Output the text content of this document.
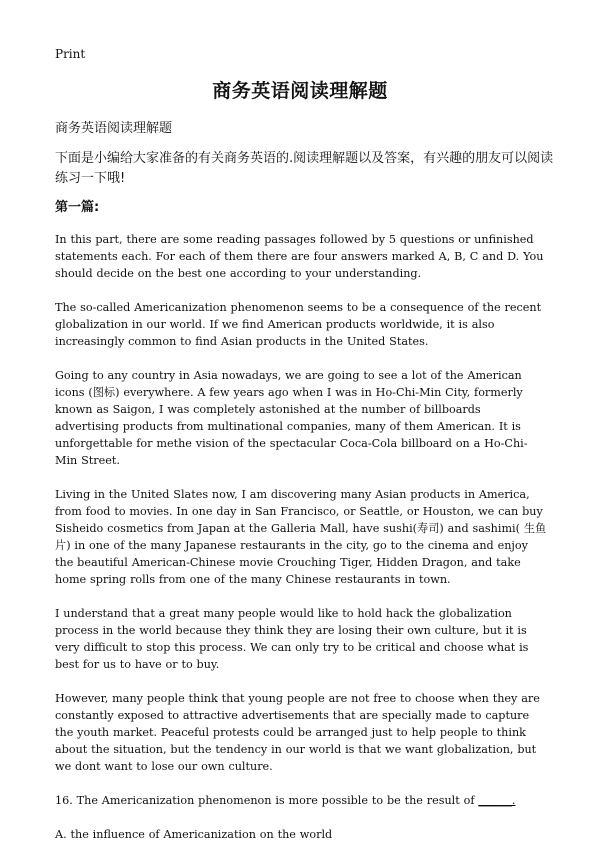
Print
商务英语阅读理解题
商务英语阅读理解题
下面是小编给大家准备的有关商务英语的.阅读理解题以及答案，有兴趣的朋友可以阅读练习一下哦!
第一篇:

In this part, there are some reading passages followed by 5 questions or unfinished statements each. For each of them there are four answers marked A, B, C and D. You should decide on the best one according to your understanding.

The so-called Americanization phenomenon seems to be a consequence of the recent globalization in our world. If we find American products worldwide, it is also increasingly common to find Asian products in the United States.

Going to any country in Asia nowadays, we are going to see a lot of the American icons (图标) everywhere. A few years ago when I was in Ho-Chi-Min City, formerly known as Saigon, I was completely astonished at the number of billboards advertising products from multinational companies, many of them American. It is unforgettable for methe vision of the spectacular Coca-Cola billboard on a Ho-Chi-Min Street.

Living in the United Slates now, I am discovering many Asian products in America, from food to movies. In one day in San Francisco, or Seattle, or Houston, we can buy Sisheido cosmetics from Japan at the Galleria Mall, have sushi(寿司) and sashimi( 生鱼片) in one of the many Japanese restaurants in the city, go to the cinema and enjoy the beautiful American-Chinese movie Crouching Tiger, Hidden Dragon, and take home spring rolls from one of the many Chinese restaurants in town.

I understand that a great many people would like to hold hack the globalization process in the world because they think they are losing their own culture, but it is very difficult to stop this process. We can only try to be critical and choose what is best for us to have or to buy.

However, many people think that young people are not free to choose when they are constantly exposed to attractive advertisements that are specially made to capture the youth market. Peaceful protests could be arranged just to help people to think about the situation, but the tendency in our world is that we want globalization, but we dont want to lose our own culture.

16. The Americanization phenomenon is more possible to be the result of ______.

A. the influence of Americanization on the world
